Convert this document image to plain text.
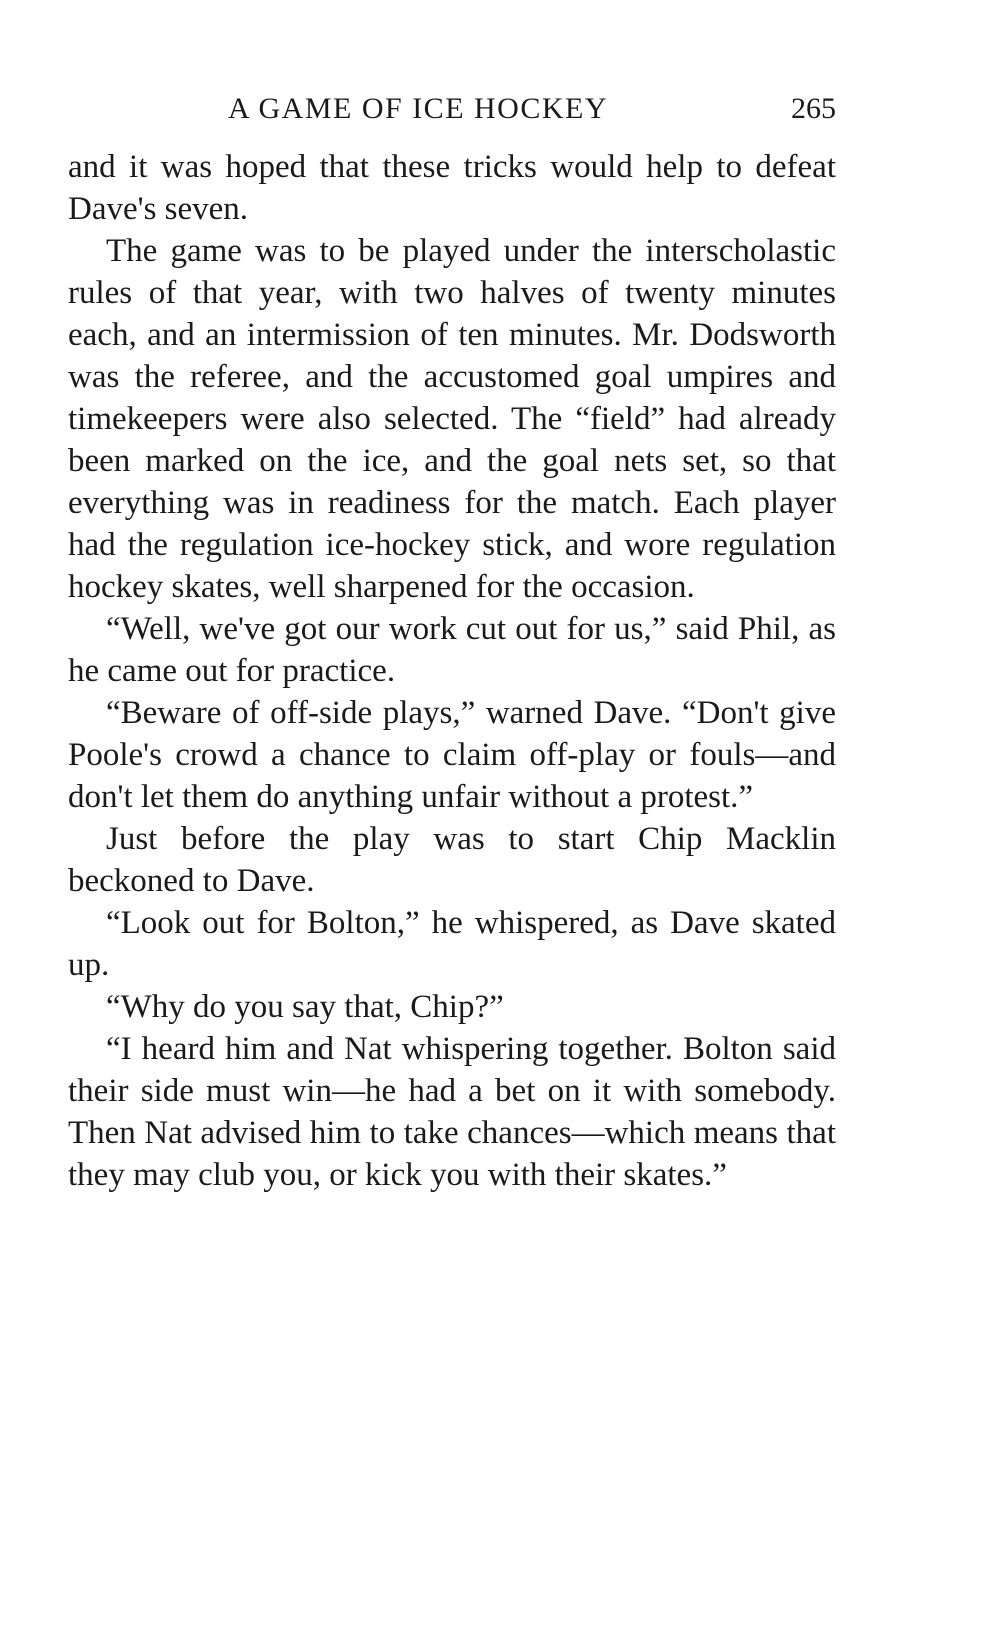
A GAME OF ICE HOCKEY	265

and it was hoped that these tricks would help to defeat Dave's seven.

The game was to be played under the interscholastic rules of that year, with two halves of twenty minutes each, and an intermission of ten minutes. Mr. Dodsworth was the referee, and the accustomed goal umpires and timekeepers were also selected. The “field” had already been marked on the ice, and the goal nets set, so that everything was in readiness for the match. Each player had the regulation ice-hockey stick, and wore regulation hockey skates, well sharpened for the occasion.

“Well, we've got our work cut out for us,” said Phil, as he came out for practice.

“Beware of off-side plays,” warned Dave. “Don't give Poole's crowd a chance to claim off-play or fouls—and don't let them do anything unfair without a protest.”

Just before the play was to start Chip Macklin beckoned to Dave.

“Look out for Bolton,” he whispered, as Dave skated up.

“Why do you say that, Chip?”

“I heard him and Nat whispering together. Bolton said their side must win—he had a bet on it with somebody. Then Nat advised him to take chances—which means that they may club you, or kick you with their skates.”
